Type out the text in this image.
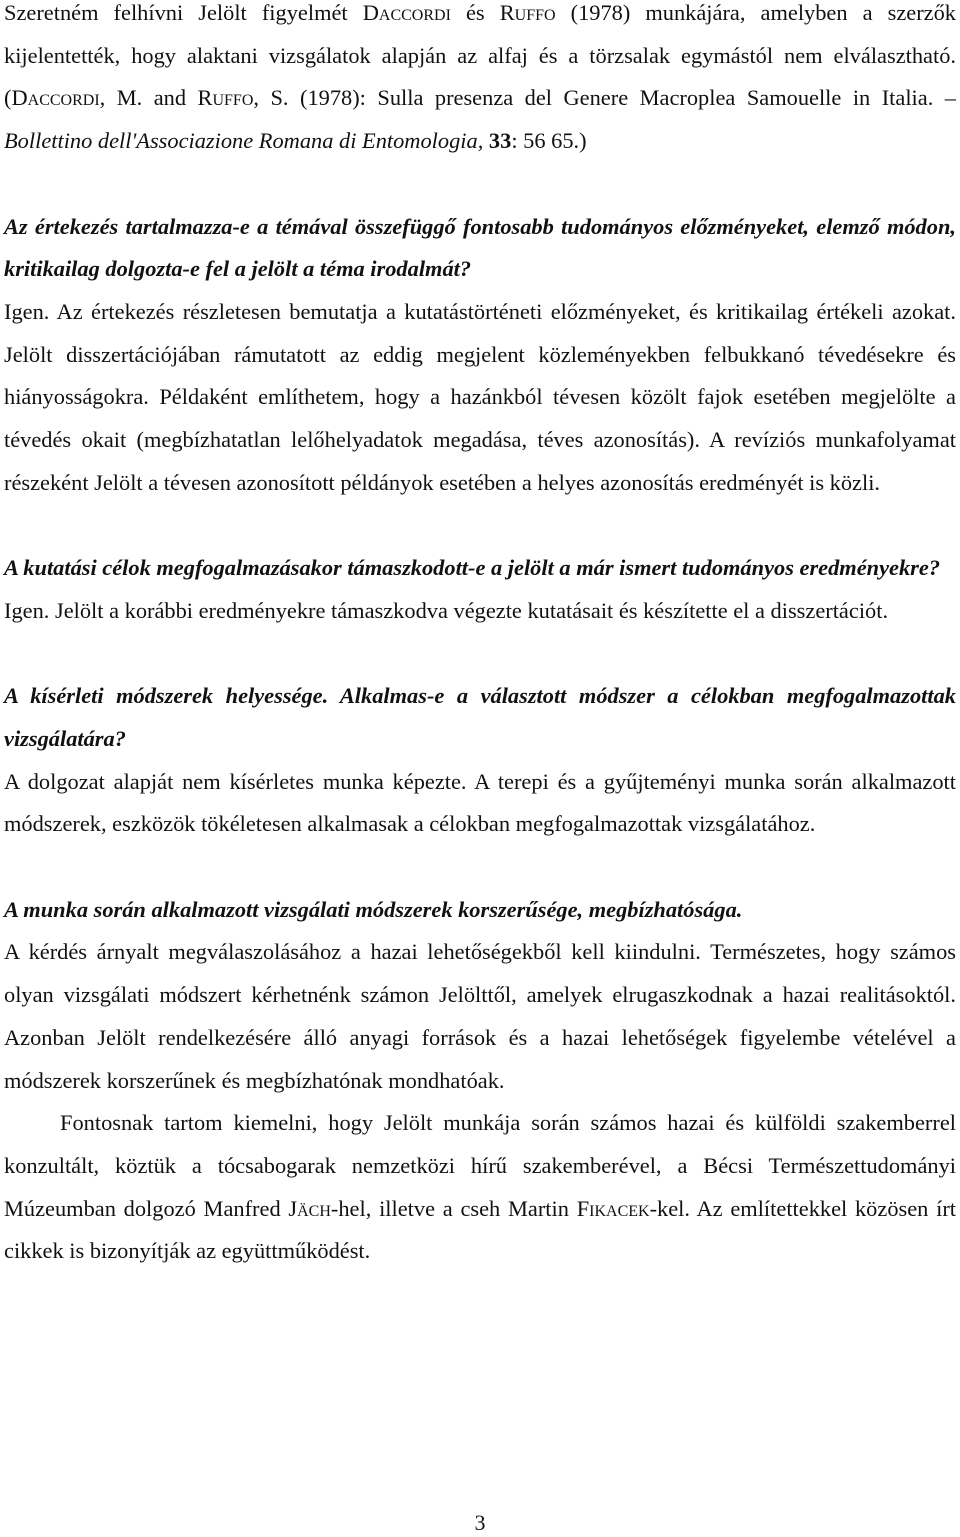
Szeretném felhívni Jelölt figyelmét Daccordi és Ruffo (1978) munkájára, amelyben a szerzők kijelentették, hogy alaktani vizsgálatok alapján az alfaj és a törzsalak egymástól nem elválasztható. (Daccordi, M. and Ruffo, S. (1978): Sulla presenza del Genere Macroplea Samouelle in Italia. – Bollettino dell'Associazione Romana di Entomologia, 33: 56 65.)

Az értekezés tartalmazza-e a témával összefüggő fontosabb tudományos előzményeket, elemző módon, kritikailag dolgozta-e fel a jelölt a téma irodalmát?

Igen. Az értekezés részletesen bemutatja a kutatástörténeti előzményeket, és kritikailag értékeli azokat. Jelölt disszertációjában rámutatott az eddig megjelent közleményekben felbukkanó tévedésekre és hiányosságokra. Példaként említhetem, hogy a hazánkból tévesen közölt fajok esetében megjelölte a tévedés okait (megbízhatatlan lelőhelyadatok megadása, téves azonosítás). A revíziós munkafolyamat részeként Jelölt a tévesen azonosított példányok esetében a helyes azonosítás eredményét is közli.

A kutatási célok megfogalmazásakor támaszkodott-e a jelölt a már ismert tudományos eredményekre?

Igen. Jelölt a korábbi eredményekre támaszkodva végezte kutatásait és készítette el a disszertációt.

A kísérleti módszerek helyessége. Alkalmas-e a választott módszer a célokban megfogalmazottak vizsgálatára?

A dolgozat alapját nem kísérletes munka képezte. A terepi és a gyűjteményi munka során alkalmazott módszerek, eszközök tökéletesen alkalmasak a célokban megfogalmazottak vizsgálatához.

A munka során alkalmazott vizsgálati módszerek korszerűsége, megbízhatósága.

A kérdés árnyalt megválaszolásához a hazai lehetőségekből kell kiindulni. Természetes, hogy számos olyan vizsgálati módszert kérhetnénk számon Jelölttől, amelyek elrugaszkodnak a hazai realitásoktól. Azonban Jelölt rendelkezésére álló anyagi források és a hazai lehetőségek figyelembe vételével a módszerek korszerűnek és megbízhatónak mondhatóak.

Fontosnak tartom kiemelni, hogy Jelölt munkája során számos hazai és külföldi szakemberrel konzultált, köztük a tócsabogarak nemzetközi hírű szakemberével, a Bécsi Természettudományi Múzeumban dolgozó Manfred Jäch-hel, illetve a cseh Martin Fikacek-kel. Az említettekkel közösen írt cikkek is bizonyítják az együttműködést.

3
